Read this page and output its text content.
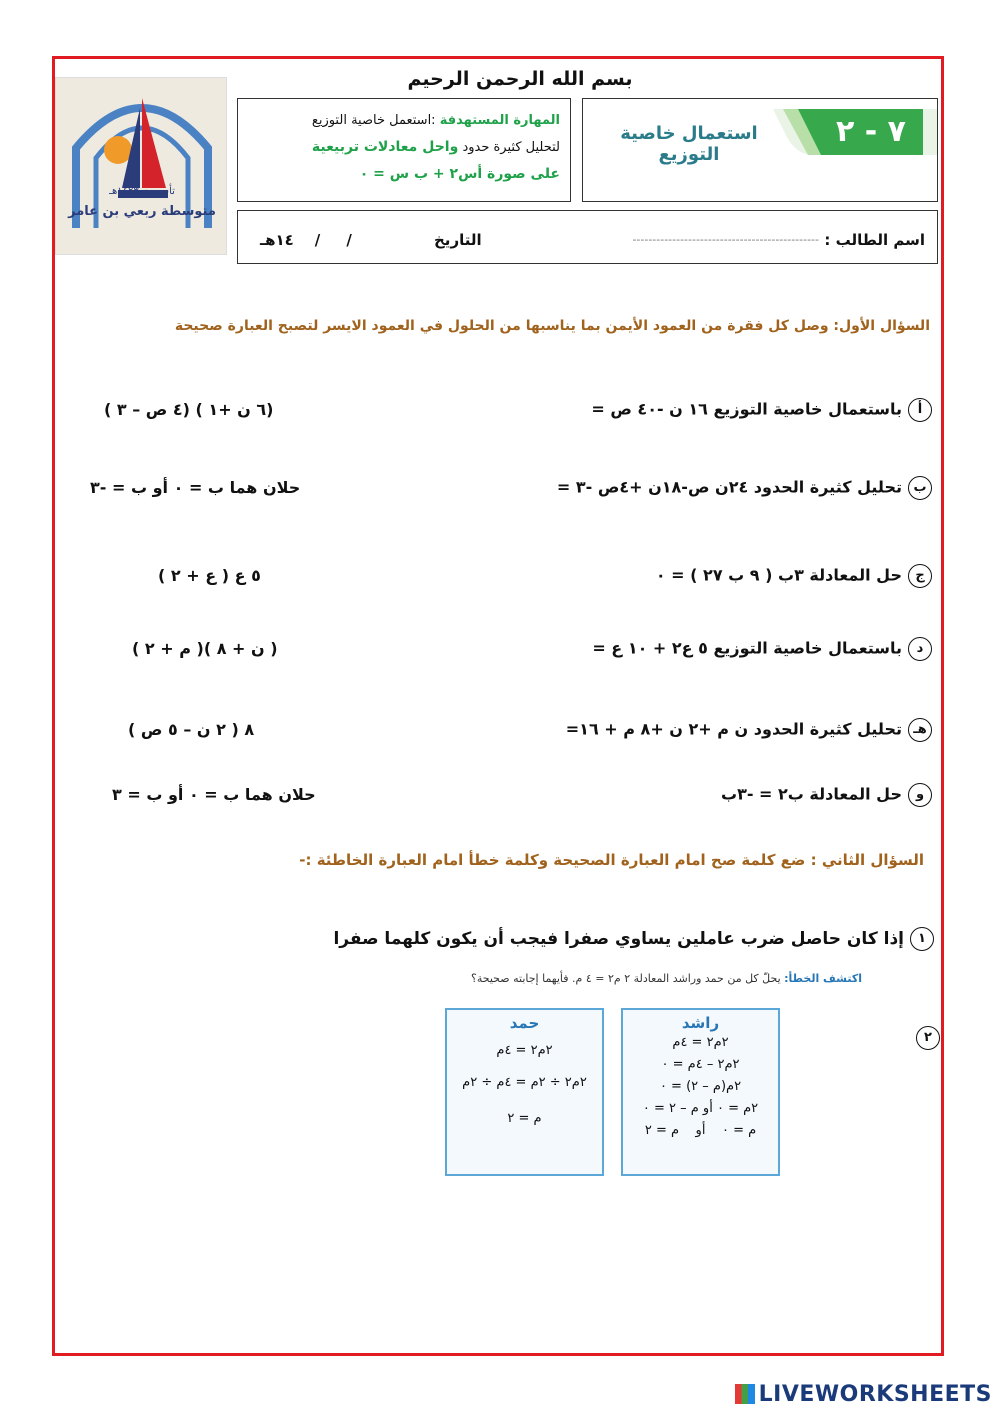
بسم الله الرحمن الرحيم
تأسست ١٤٢٣هـ
متوسطة ربعي بن عامر
المهارة المستهدفة :استعمل خاصية التوزيع
لتحليل كثيرة حدود واحل معادلات تربيعية
على صورة أس٢ + ب س = ٠
٧ - ٢
استعمال خاصية التوزيع
اسم الطالب :
-----------------------------------------------
التاريخ
/     /    ١٤هـ
السؤال الأول: وصل كل فقرة من العمود الأيمن بما يناسبها من الحلول في العمود الايسر لتصبح العبارة صحيحة
أباستعمال خاصية التوزيع ١٦ ن -٤٠ ص =
(٦ ن +١ ) (٤ ص – ٣ )
بتحليل كثيرة الحدود ٢٤ن ص-١٨ن +٤ص -٣ =
حلان هما ب = ٠ أو ب = -٣
جحل المعادلة ٣ب ( ٩ ب ٢٧ ) = ٠
٥ ع ( ع + ٢ )
دباستعمال خاصية التوزيع ٥ ع٢ + ١٠ ع =
( ن + ٨ )( م + ٢ )
هـتحليل كثيرة الحدود ن م +٢ ن +٨ م + ١٦=
٨ ( ٢ ن – ٥ ص )
وحل المعادلة ب٢ = -٣ب
حلان هما ب = ٠ أو ب = ٣
السؤال الثاني : ضع كلمة صح امام العبارة الصحيحة وكلمة خطأ امام العبارة الخاطئة :-
١إذا كان حاصل ضرب عاملين يساوي صفرا فيجب أن يكون كلهما صفرا
اكتشف الخطأ: يحلّ كل من حمد وراشد المعادلة ٢ م٢ = ٤ م. فأيهما إجابته صحيحة؟
٢
راشد
٢م٢ = ٤م
٢م٢ – ٤م = ٠
٢م(م – ٢) = ٠
٢م = ٠ أو م – ٢ = ٠
م = ٠    أو    م = ٢
حمد
٢م٢ = ٤م
٢م٢ ÷ ٢م = ٤م ÷ ٢م
م = ٢
LIVEWORKSHEETS
